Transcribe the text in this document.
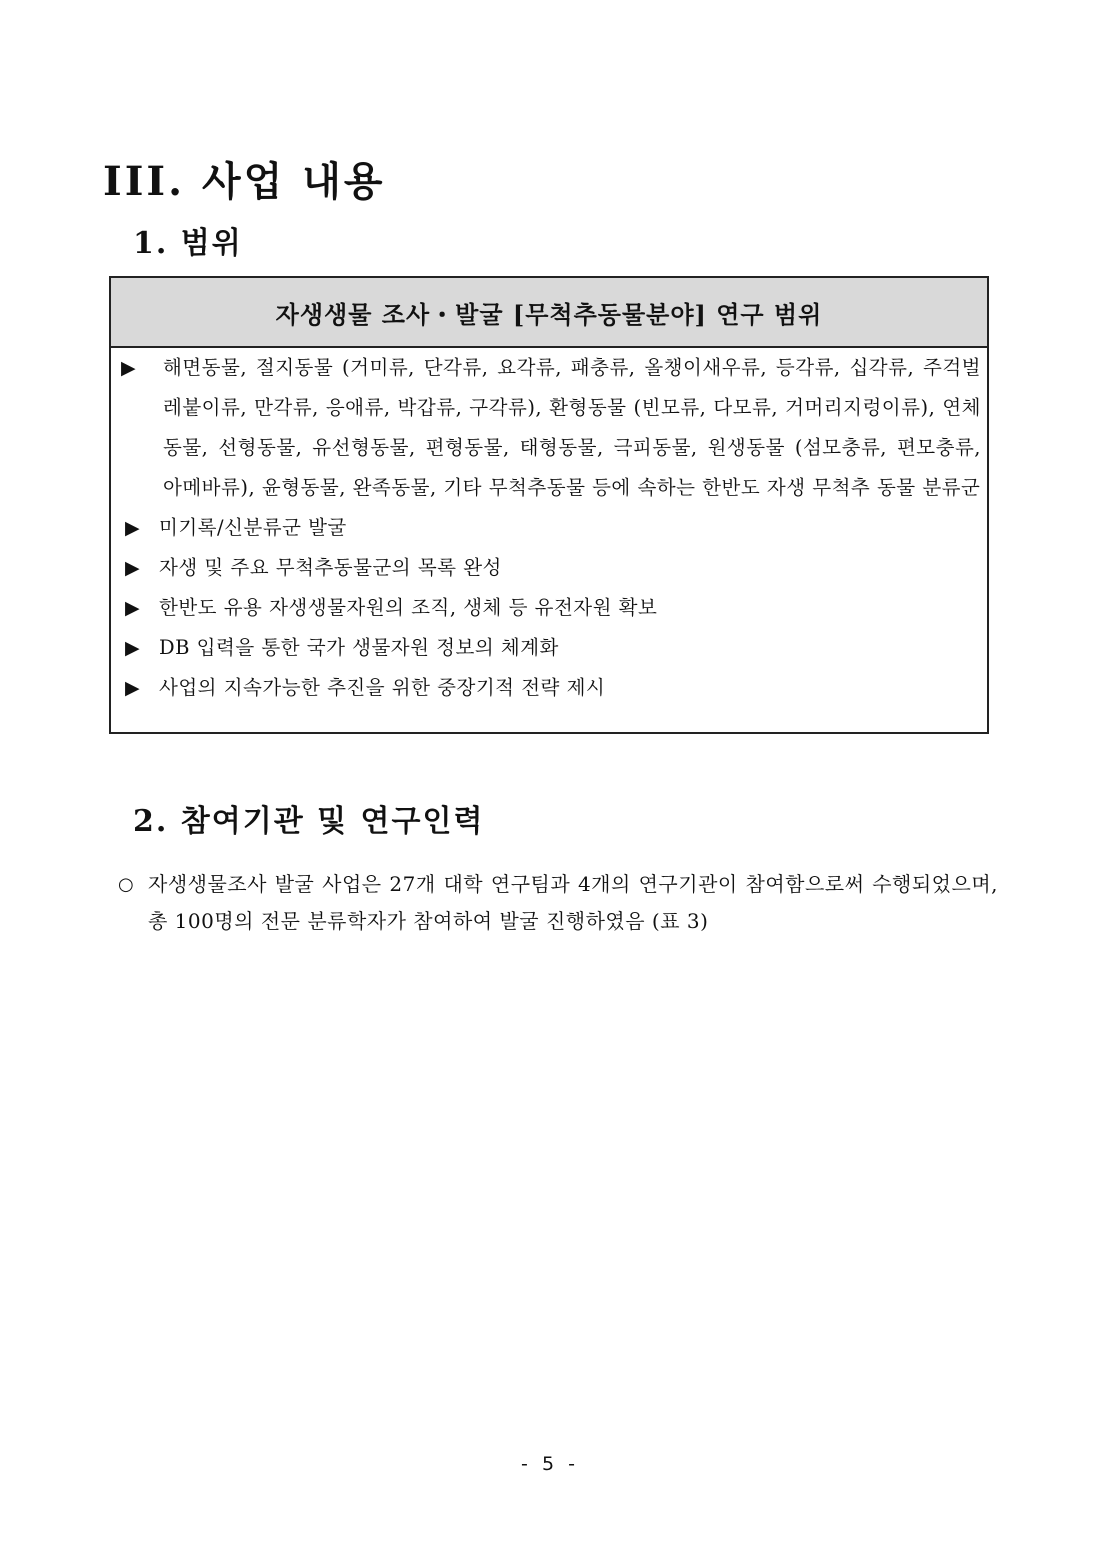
III. 사업 내용
1. 범위
자생생물 조사・발굴 [무척추동물분야] 연구 범위
▶ 해면동물, 절지동물 (거미류, 단각류, 요각류, 패충류, 올챙이새우류, 등각류, 십각류, 주걱벌레붙이류, 만각류, 응애류, 박갑류, 구각류), 환형동물 (빈모류, 다모류, 거머리지렁이류), 연체동물, 선형동물, 유선형동물, 편형동물, 태형동물, 극피동물, 원생동물 (섬모충류, 편모충류, 아메바류), 윤형동물, 완족동물, 기타 무척추동물 등에 속하는 한반도 자생 무척추 동물 분류군
▶ 미기록/신분류군 발굴
▶ 자생 및 주요 무척추동물군의 목록 완성
▶ 한반도 유용 자생생물자원의 조직, 생체 등 유전자원 확보
▶ DB 입력을 통한 국가 생물자원 정보의 체계화
▶ 사업의 지속가능한 추진을 위한 중장기적 전략 제시
2. 참여기관 및 연구인력
○ 자생생물조사 발굴 사업은 27개 대학 연구팀과 4개의 연구기관이 참여함으로써 수행되었으며, 총 100명의 전문 분류학자가 참여하여 발굴 진행하였음 (표 3)
- 5 -
